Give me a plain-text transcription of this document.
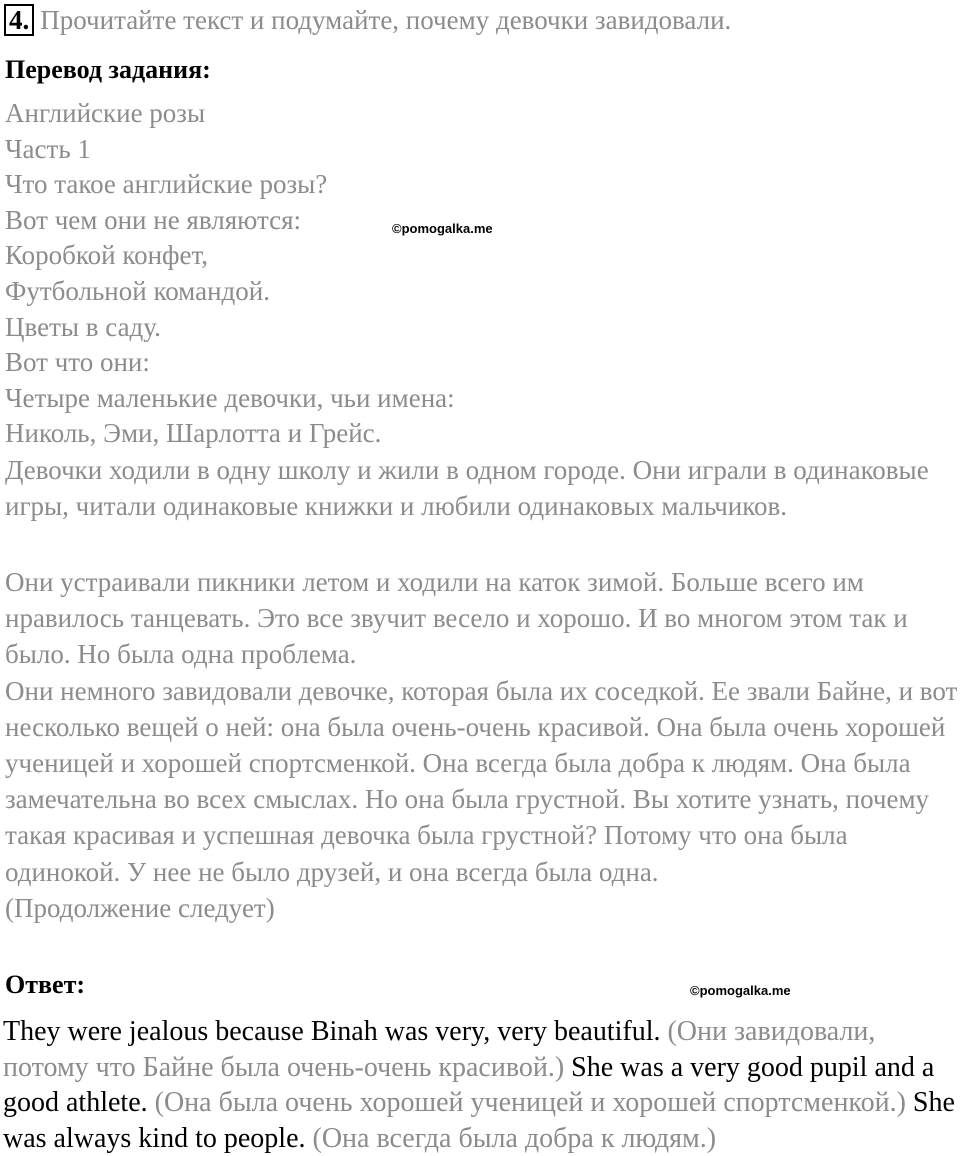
4. Прочитайте текст и подумайте, почему девочки завидовали.
Перевод задания:
Английские розы
Часть 1
Что такое английские розы?
Вот чем они не являются:
Коробкой конфет,
Футбольной командой.
Цветы в саду.
Вот что они:
Четыре маленькие девочки, чьи имена:
Николь, Эми, Шарлотта и Грейс.
©pomogalka.me
Девочки ходили в одну школу и жили в одном городе. Они играли в одинаковые игры, читали одинаковые книжки и любили одинаковых мальчиков.
Они устраивали пикники летом и ходили на каток зимой. Больше всего им нравилось танцевать. Это все звучит весело и хорошо. И во многом этом так и было. Но была одна проблема.
Они немного завидовали девочке, которая была их соседкой. Ее звали Байне, и вот несколько вещей о ней: она была очень-очень красивой. Она была очень хорошей ученицей и хорошей спортсменкой. Она всегда была добра к людям. Она была замечательна во всех смыслах. Но она была грустной. Вы хотите узнать, почему такая красивая и успешная девочка была грустной? Потому что она была одинокой. У нее не было друзей, и она всегда была одна.
(Продолжение следует)
Ответ:	©pomogalka.me
They were jealous because Binah was very, very beautiful. (Они завидовали, потому что Байне была очень-очень красивой.) She was a very good pupil and a good athlete. (Она была очень хорошей ученицей и хорошей спортсменкой.) She was always kind to people. (Она всегда была добра к людям.)
